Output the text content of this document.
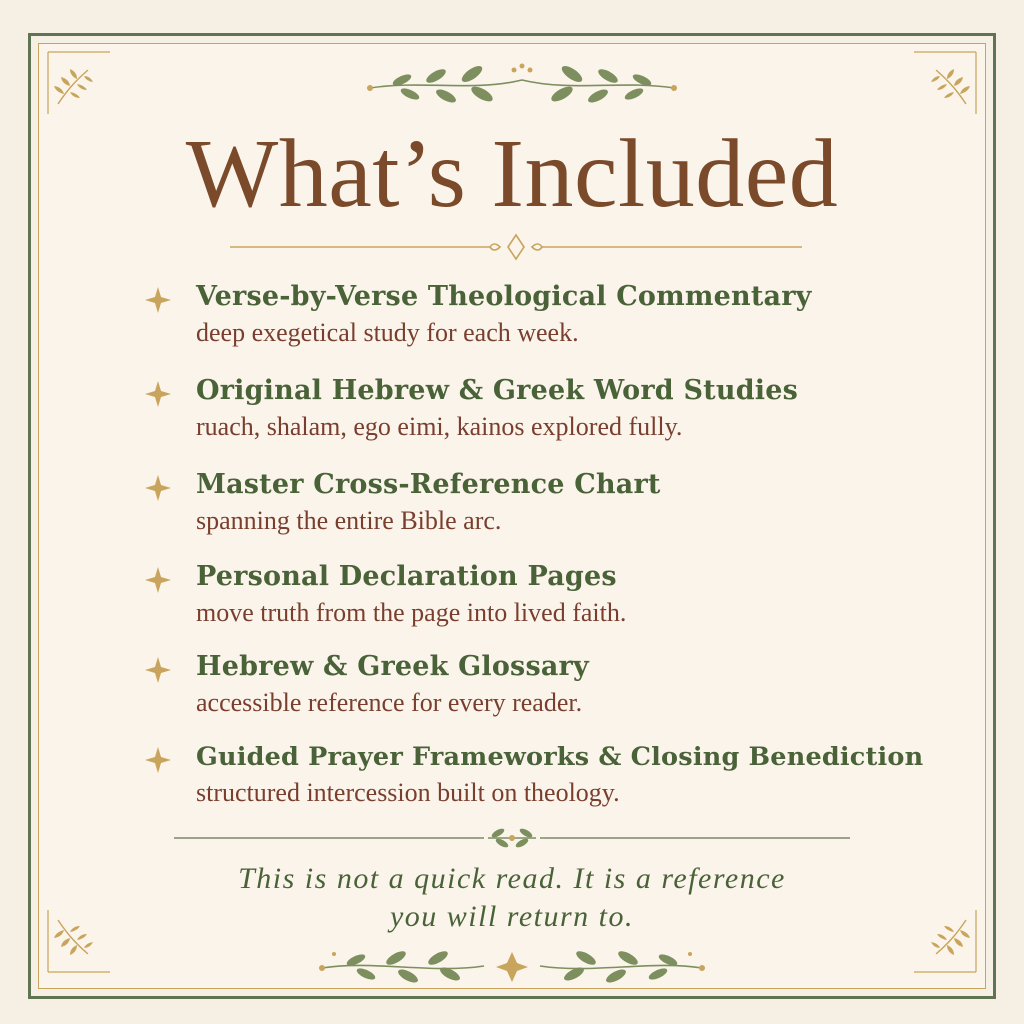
What’s Included
Verse-by-Verse Theological Commentary
deep exegetical study for each week.
Original Hebrew & Greek Word Studies
ruach, shalam, ego eimi, kainos explored fully.
Master Cross-Reference Chart
spanning the entire Bible arc.
Personal Declaration Pages
move truth from the page into lived faith.
Hebrew & Greek Glossary
accessible reference for every reader.
Guided Prayer Frameworks & Closing Benediction
structured intercession built on theology.
This is not a quick read. It is a reference
you will return to.
